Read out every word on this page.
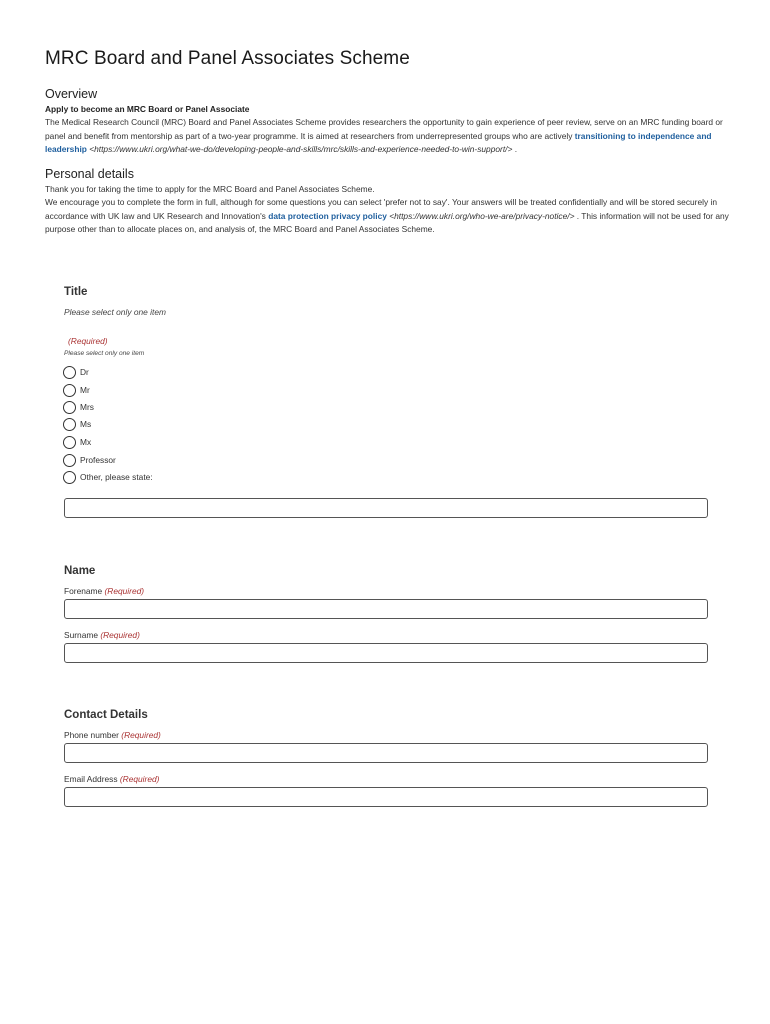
MRC Board and Panel Associates Scheme
Overview
Apply to become an MRC Board or Panel Associate
The Medical Research Council (MRC) Board and Panel Associates Scheme provides researchers the opportunity to gain experience of peer review, serve on an MRC funding board or panel and benefit from mentorship as part of a two-year programme. It is aimed at researchers from underrepresented groups who are actively transitioning to independence and leadership <https://www.ukri.org/what-we-do/developing-people-and-skills/mrc/skills-and-experience-needed-to-win-support/> .
Personal details
Thank you for taking the time to apply for the MRC Board and Panel Associates Scheme.
We encourage you to complete the form in full, although for some questions you can select 'prefer not to say'. Your answers will be treated confidentially and will be stored securely in accordance with UK law and UK Research and Innovation's data protection privacy policy <https://www.ukri.org/who-we-are/privacy-notice/> . This information will not be used for any purpose other than to allocate places on, and analysis of, the MRC Board and Panel Associates Scheme.
Title
Please select only one item
(Required)
Please select only one item
Dr
Mr
Mrs
Ms
Mx
Professor
Other, please state:
Name
Forename (Required)
Surname (Required)
Contact Details
Phone number (Required)
Email Address (Required)
